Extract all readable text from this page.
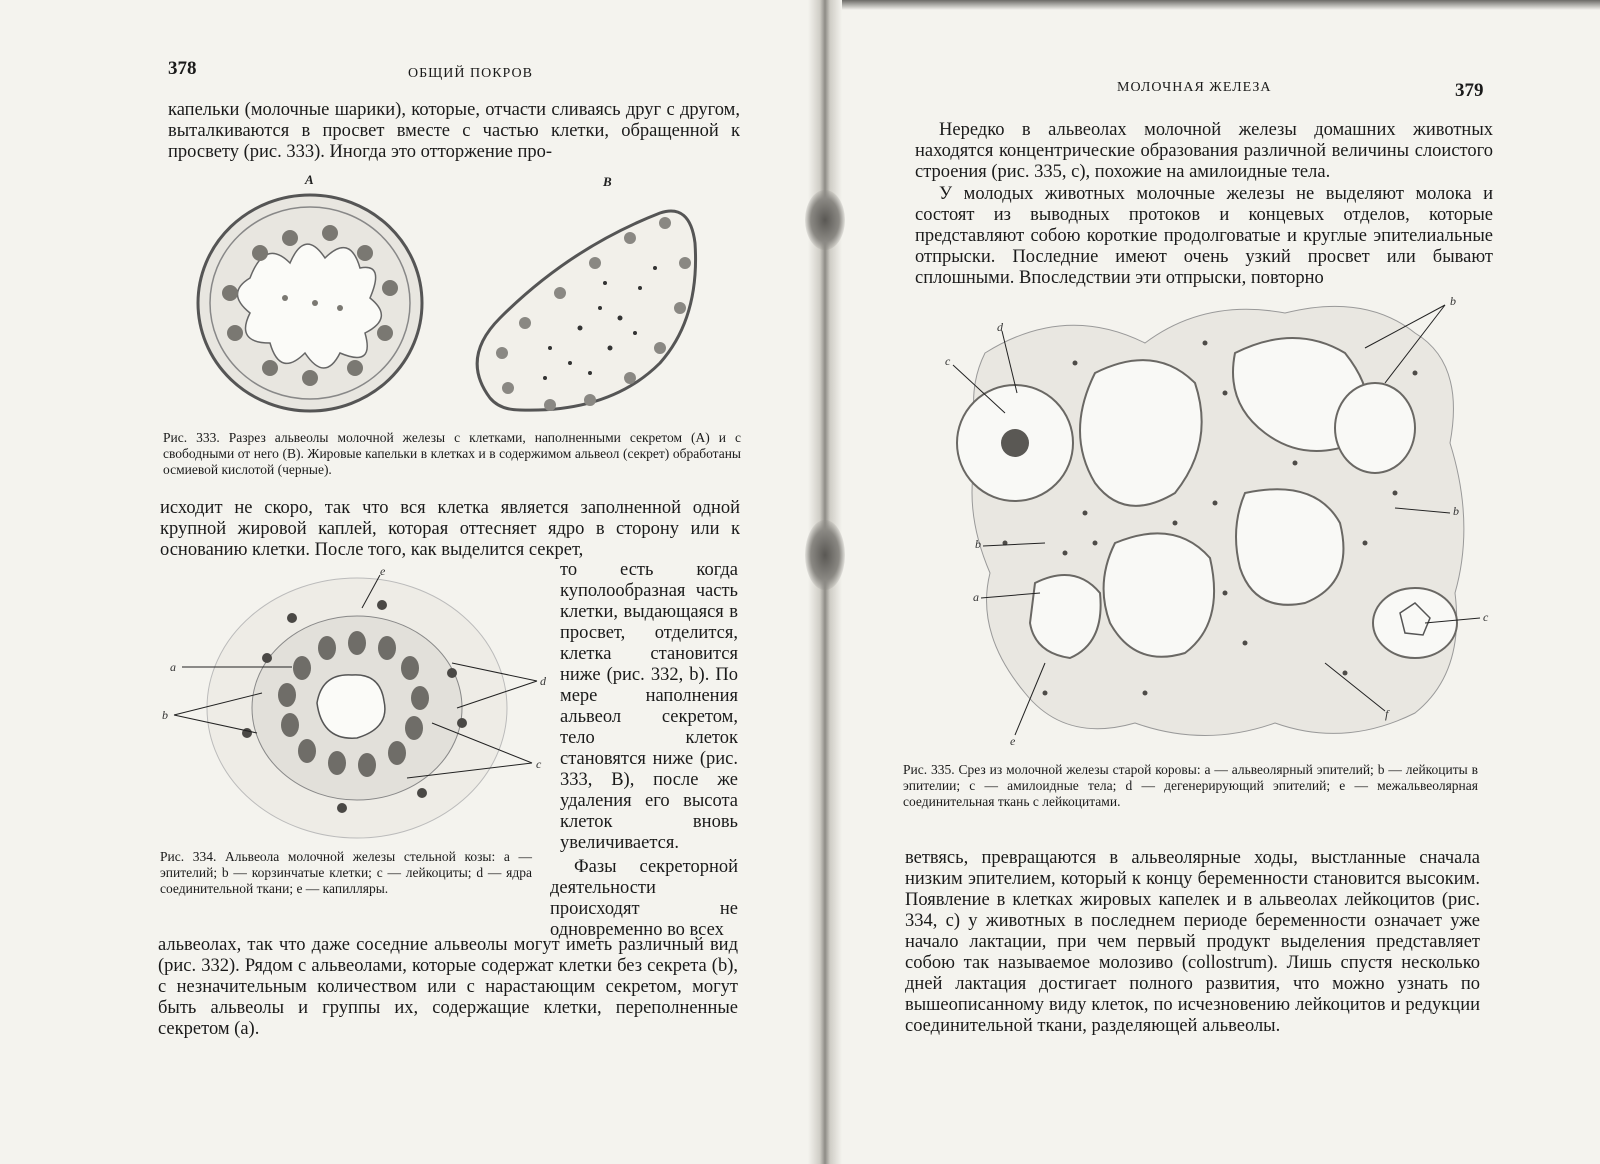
378	ОБЩИЙ ПОКРОВ

капельки (молочные шарики), которые, отчасти сливаясь друг с другом, выталкиваются в просвет вместе с частью клетки, обращенной к просвету (рис. 333). Иногда это отторжение про-

A	B

Рис. 333. Разрез альвеолы молочной железы с клетками, наполненными секретом (A) и с свободными от него (B). Жировые капельки в клетках и в содержимом альвеол (секрет) обработаны осмиевой кислотой (черные).

исходит не скоро, так что вся клетка является заполненной одной крупной жировой каплей, которая оттесняет ядро в сторону или к основанию клетки. После того, как выделится секрет,

a
b
c
d
e	то есть когда куполообразная часть клетки, выдающаяся в просвет, отделится, клетка становится ниже (рис. 332, b). По мере наполнения альвеол секретом, тело клеток становятся ниже (рис. 333, B), после же удаления его высота клеток вновь увеличивается.

Фазы секреторной деятельности происходят не одновременно во всех

Рис. 334. Альвеола молочной железы стельной козы: a — эпителий; b — корзинчатые клетки; c — лейкоциты; d — ядра соединительной ткани; e — капилляры.

альвеолах, так что даже соседние альвеолы могут иметь различный вид (рис. 332). Рядом с альвеолами, которые содержат клетки без секрета (b), с незначительным количеством или с нарастающим секретом, могут быть альвеолы и группы их, содержащие клетки, переполненные секретом (a).

МОЛОЧНАЯ ЖЕЛЕЗА	379

Нередко в альвеолах молочной железы домашних животных находятся концентрические образования различной величины слоистого строения (рис. 335, c), похожие на амилоидные тела.

У молодых животных молочные железы не выделяют молока и состоят из выводных протоков и концевых отделов, которые представляют собою короткие продолговатые и круглые эпителиальные отпрыски. Последние имеют очень узкий просвет или бывают сплошными. Впоследствии эти отпрыски, повторно

c
d
b
b
b
a
c
f
e

Рис. 335. Срез из молочной железы старой коровы: a — альвеолярный эпителий; b — лейкоциты в эпителии; c — амилоидные тела; d — дегенерирующий эпителий; e — межальвеолярная соединительная ткань с лейкоцитами.

ветвясь, превращаются в альвеолярные ходы, выстланные сначала низким эпителием, который к концу беременности становится высоким. Появление в клетках жировых капелек и в альвеолах лейкоцитов (рис. 334, c) у животных в последнем периоде беременности означает уже начало лактации, при чем первый продукт выделения представляет собою так называемое молозиво (collostrum). Лишь спустя несколько дней лактация достигает полного развития, что можно узнать по вышеописанному виду клеток, по исчезновению лейкоцитов и редукции соединительной ткани, разделяющей альвеолы.
